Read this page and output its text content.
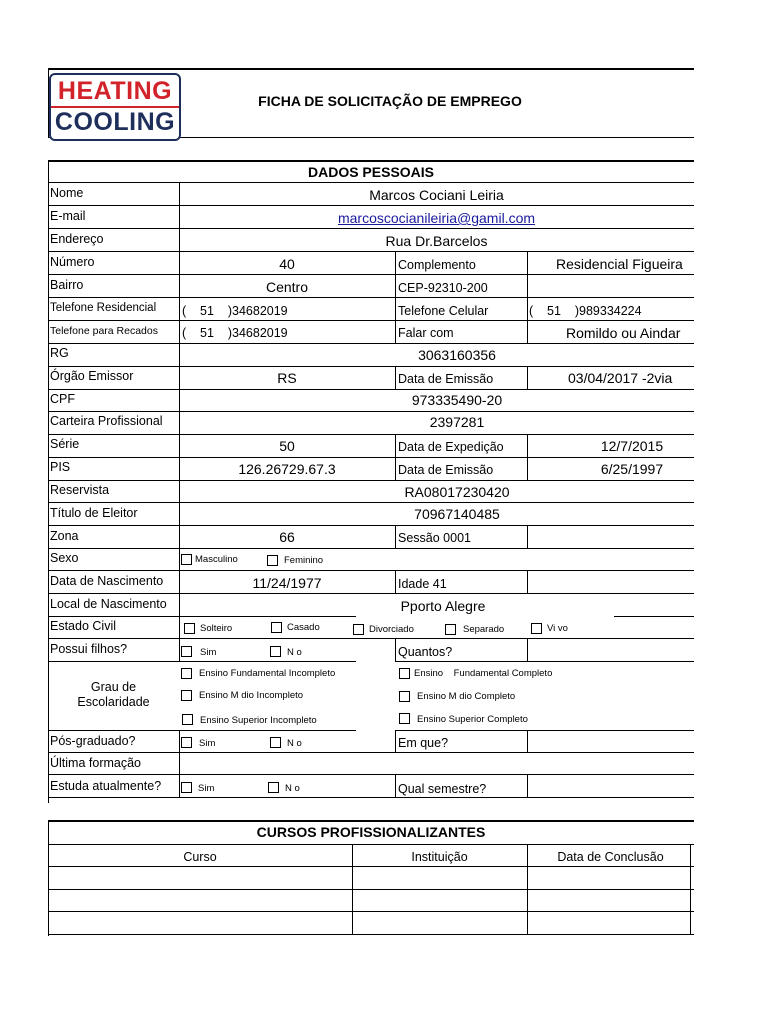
HEATING
COOLING
FICHA DE SOLICITAÇÃO DE EMPREGO
DADOS PESSOAIS
Nome	Marcos Cociani Leiria
E-mail	marcoscocianileiria@gamil.com
Endereço	Rua Dr.Barcelos
Número	40	Complemento	Residencial Figueira
Bairro	Centro	CEP-92310-200
Telefone Residencial (    51    )34682019	Telefone Celular	(    51    )989334224
Telefone para Recados (    51    )34682019	Falar com	Romildo ou Aindar
RG	3063160356
Órgão Emissor	RS	Data de Emissão	03/04/2017 -2via
CPF	973335490-20
Carteira Profissional	2397281
Série	50	Data de Expedição	12/7/2015
PIS	126.26729.67.3	Data de Emissão	6/25/1997
Reservista	RA08017230420
Título de Eleitor	70967140485
Zona	66	Sessão 0001
Sexo	Masculino	Feminino
Data de Nascimento	11/24/1977	Idade 41
Local de Nascimento	Pporto Alegre
Estado Civil	Solteiro	Casado	Divorciado	Separado	Vi vo
Possui filhos?	Sim	N o	Quantos?
Grau de
Escolaridade
Ensino Fundamental Incompleto	Ensino    Fundamental Completo
Ensino M dio Incompleto	Ensino M dio Completo
Ensino Superior Incompleto	Ensino Superior Completo
Pós-graduado?	Sim	N o	Em que?
Última formação
Estuda atualmente?	Sim	N o	Qual semestre?
CURSOS PROFISSIONALIZANTES
Curso	Instituição	Data de Conclusão
